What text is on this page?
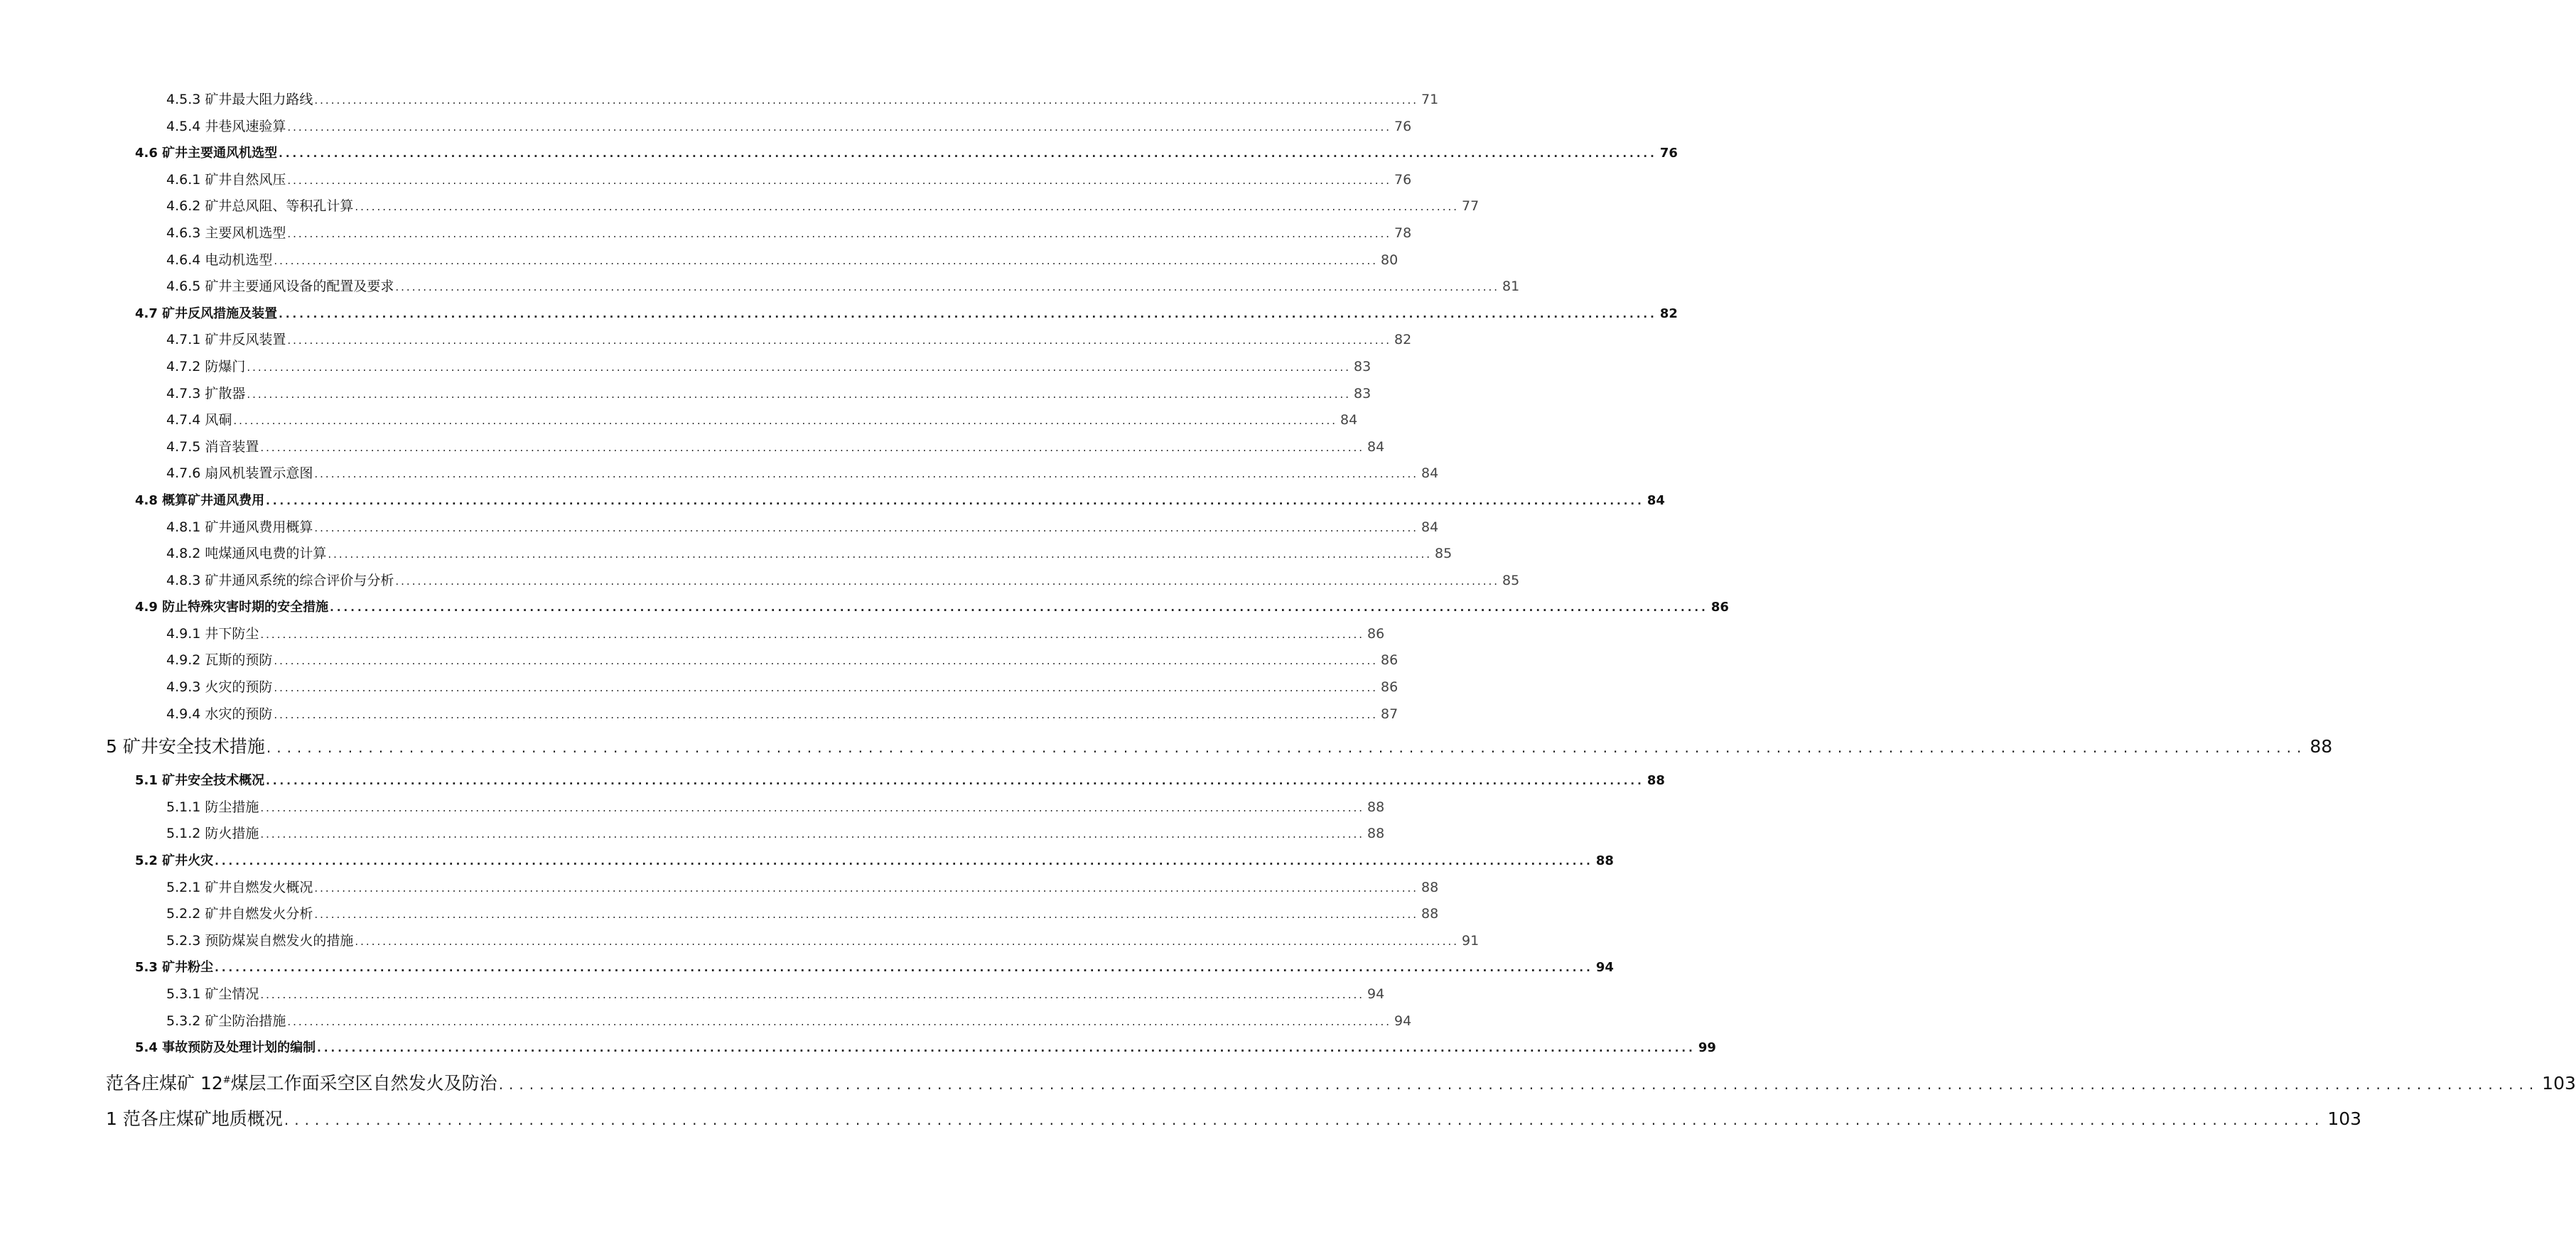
4.5.3 矿井最大阻力路线 ........................................................................................................................................................................................................ 71
4.5.4 井巷风速验算 ........................................................................................................................................................................................................ 76
4.6 矿井主要通风机选型 ........................................................................................................................................................................................................ 76
4.6.1 矿井自然风压 ........................................................................................................................................................................................................ 76
4.6.2 矿井总风阻、等积孔计算 ........................................................................................................................................................................................................ 77
4.6.3 主要风机选型 ........................................................................................................................................................................................................ 78
4.6.4 电动机选型 ........................................................................................................................................................................................................ 80
4.6.5 矿井主要通风设备的配置及要求 ........................................................................................................................................................................................................ 81
4.7 矿井反风措施及装置 ........................................................................................................................................................................................................ 82
4.7.1 矿井反风装置 ........................................................................................................................................................................................................ 82
4.7.2 防爆门 ........................................................................................................................................................................................................ 83
4.7.3 扩散器 ........................................................................................................................................................................................................ 83
4.7.4 风硐 ........................................................................................................................................................................................................ 84
4.7.5 消音装置 ........................................................................................................................................................................................................ 84
4.7.6 扇风机装置示意图 ........................................................................................................................................................................................................ 84
4.8 概算矿井通风费用 ........................................................................................................................................................................................................ 84
4.8.1 矿井通风费用概算 ........................................................................................................................................................................................................ 84
4.8.2 吨煤通风电费的计算 ........................................................................................................................................................................................................ 85
4.8.3 矿井通风系统的综合评价与分析 ........................................................................................................................................................................................................ 85
4.9 防止特殊灾害时期的安全措施 ........................................................................................................................................................................................................ 86
4.9.1 井下防尘 ........................................................................................................................................................................................................ 86
4.9.2 瓦斯的预防 ........................................................................................................................................................................................................ 86
4.9.3 火灾的预防 ........................................................................................................................................................................................................ 86
4.9.4 水灾的预防 ........................................................................................................................................................................................................ 87
5 矿井安全技术措施 ........................................................................................................................................................................................................ 88
5.1 矿井安全技术概况 ........................................................................................................................................................................................................ 88
5.1.1 防尘措施 ........................................................................................................................................................................................................ 88
5.1.2 防火措施 ........................................................................................................................................................................................................ 88
5.2 矿井火灾 ........................................................................................................................................................................................................ 88
5.2.1 矿井自燃发火概况 ........................................................................................................................................................................................................ 88
5.2.2 矿井自燃发火分析 ........................................................................................................................................................................................................ 88
5.2.3 预防煤炭自燃发火的措施 ........................................................................................................................................................................................................ 91
5.3 矿井粉尘 ........................................................................................................................................................................................................ 94
5.3.1 矿尘情况 ........................................................................................................................................................................................................ 94
5.3.2 矿尘防治措施 ........................................................................................................................................................................................................ 94
5.4 事故预防及处理计划的编制 ........................................................................................................................................................................................................ 99
范各庄煤矿 12#煤层工作面采空区自然发火及防治 ........................................................................................................................................................................................................ 103
1 范各庄煤矿地质概况 ........................................................................................................................................................................................................ 103
